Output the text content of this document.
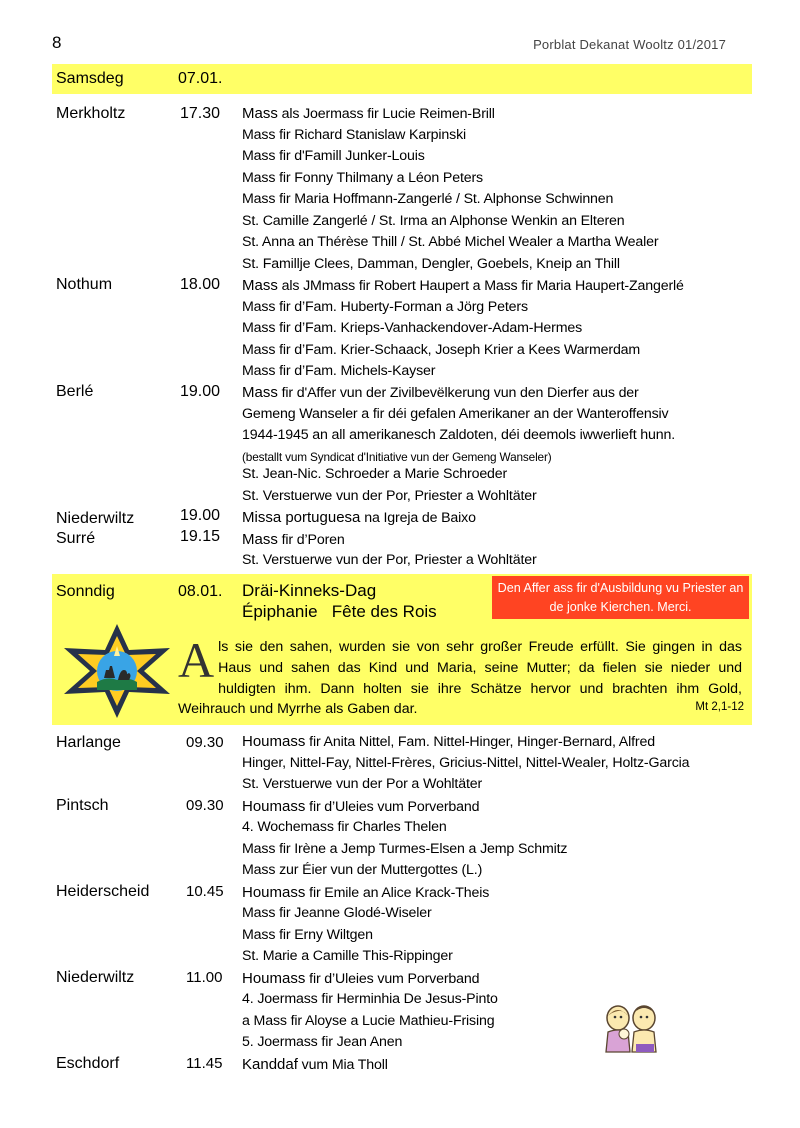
8	Porblat Dekanat Wooltz 01/2017
Samsdeg	07.01.
Merkholtz	17.30 Mass als Joermass fir Lucie Reimen-Brill
Mass fir Richard Stanislaw Karpinski
Mass fir d'Famill Junker-Louis
Mass fir Fonny Thilmany a Léon Peters
Mass fir Maria Hoffmann-Zangerlé / St. Alphonse Schwinnen
St. Camille Zangerlé / St. Irma an Alphonse Wenkin an Elteren
St. Anna an Thérèse Thill / St. Abbé Michel Wealer a Martha Wealer
St. Famillje Clees, Damman, Dengler, Goebels, Kneip an Thill
Nothum	18.00 Mass als JMmass fir Robert Haupert a Mass fir Maria Haupert-Zangerlé
Mass fir d’Fam. Huberty-Forman a Jörg Peters
Mass fir d’Fam. Krieps-Vanhackendover-Adam-Hermes
Mass fir d’Fam. Krier-Schaack, Joseph Krier a Kees Warmerdam
Mass fir d’Fam. Michels-Kayser
Berlé	19.00 Mass fir d'Affer vun der Zivilbevëlkerung vun den Dierfer aus der
Gemeng Wanseler a fir déi gefalen Amerikaner an der Wanteroffensiv
1944-1945 an all amerikanesch Zaldoten, déi deemols iwwerlieft hunn.
(bestallt vum Syndicat d'Initiative vun der Gemeng Wanseler)
St. Jean-Nic. Schroeder a Marie Schroeder
St. Verstuerwe vun der Por, Priester a Wohltäter
Niederwiltz	19.00 Missa portuguesa na Igreja de Baixo
Surré	19.15 Mass fir d’Poren
St. Verstuerwe vun der Por, Priester a Wohltäter
Sonndig	08.01. Dräi-Kinneks-Dag
Épiphanie   Fête des Rois
Den Affer ass fir d'Ausbildung vu Priester an de jonke Kierchen. Merci.
Als sie den sahen, wurden sie von sehr großer Freude erfüllt. Sie gingen in das Haus und sahen das Kind und Maria, seine Mutter; da fielen sie nieder und huldigten ihm. Dann holten sie ihre Schätze hervor und brachten ihm Gold, Weihrauch und Myrrhe als Gaben dar.	Mt 2,1-12
Harlange	09.30 Houmass fir Anita Nittel, Fam. Nittel-Hinger, Hinger-Bernard, Alfred
Hinger, Nittel-Fay, Nittel-Frères, Gricius-Nittel, Nittel-Wealer, Holtz-Garcia
St. Verstuerwe vun der Por a Wohltäter
Pintsch	09.30 Houmass fir d’Uleies vum Porverband
4. Wochemass fir Charles Thelen
Mass fir Irène a Jemp Turmes-Elsen a Jemp Schmitz
Mass zur Éier vun der Muttergottes (L.)
Heiderscheid 10.45 Houmass fir Emile an Alice Krack-Theis
Mass fir Jeanne Glodé-Wiseler
Mass fir Erny Wiltgen
St. Marie a Camille This-Rippinger
Niederwiltz	11.00 Houmass fir d’Uleies vum Porverband
4. Joermass fir Herminhia De Jesus-Pinto
a Mass fir Aloyse a Lucie Mathieu-Frising
5. Joermass fir Jean Anen
Eschdorf	11.45 Kanddaf vum Mia Tholl
